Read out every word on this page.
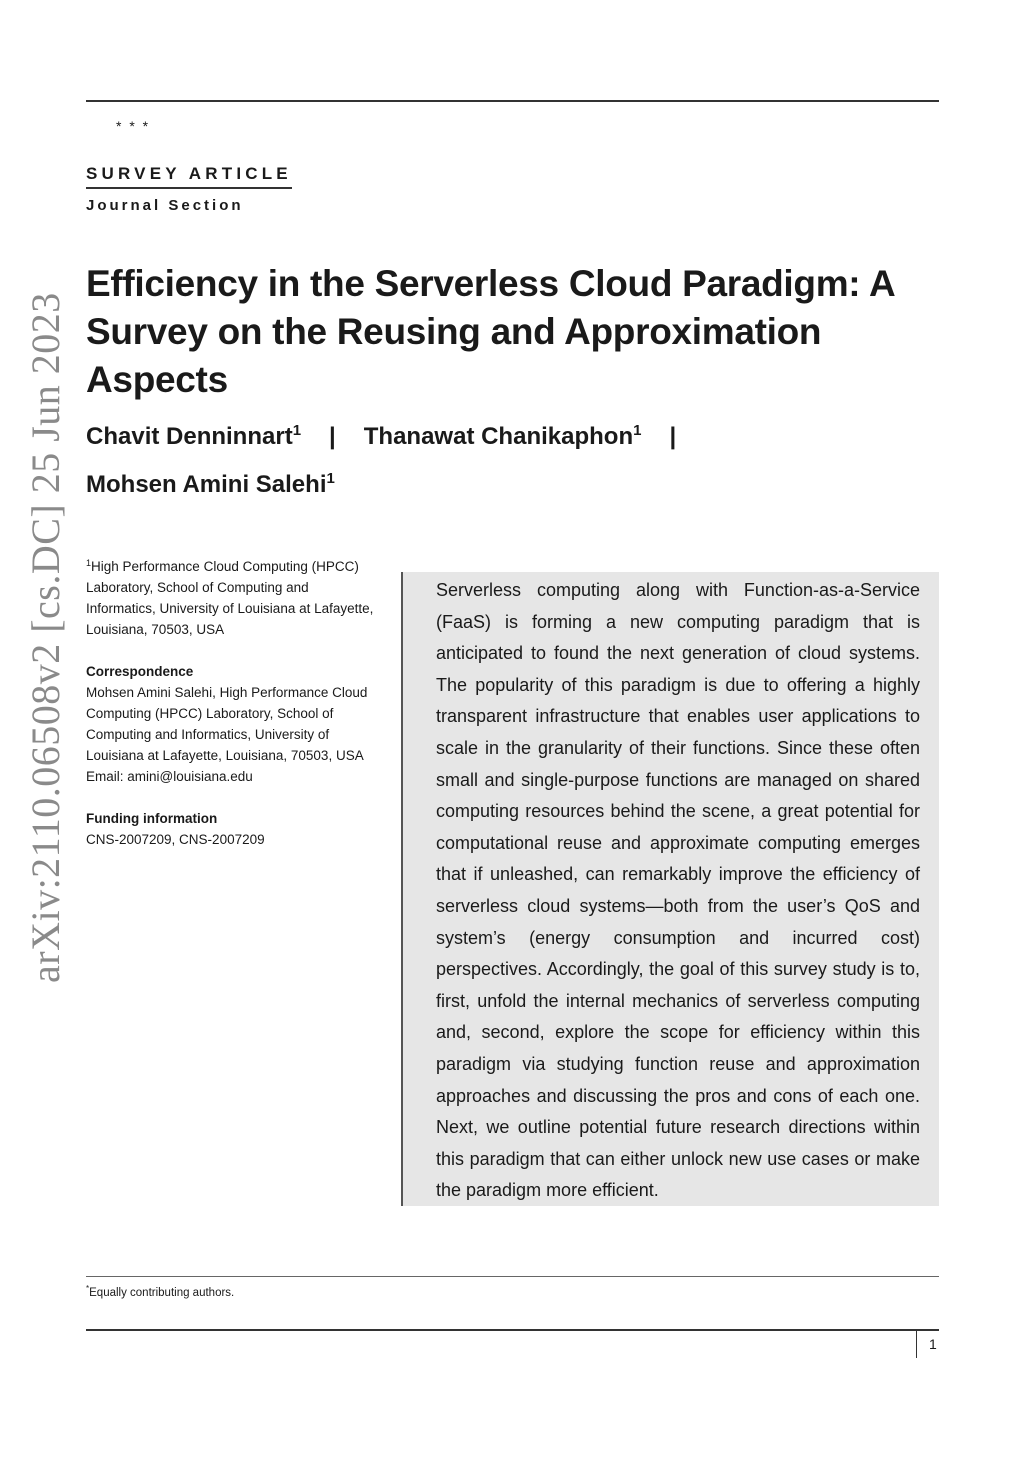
* * *
SURVEY ARTICLE
Journal Section
arXiv:2110.06508v2 [cs.DC] 25 Jun 2023
Efficiency in the Serverless Cloud Paradigm: A Survey on the Reusing and Approximation Aspects
Chavit Denninnart$^1$ | Thanawat Chanikaphon$^1$ |
Mohsen Amini Salehi$^1$

$^1$High Performance Cloud Computing (HPCC) Laboratory, School of Computing and Informatics, University of Louisiana at Lafayette, Louisiana, 70503, USA

Correspondence
Mohsen Amini Salehi, High Performance Cloud Computing (HPCC) Laboratory, School of Computing and Informatics, University of Louisiana at Lafayette, Louisiana, 70503, USA
Email: amini@louisiana.edu

Funding information
CNS-2007209, CNS-2007209

Serverless computing along with Function-as-a-Service (FaaS) is forming a new computing paradigm that is anticipated to found the next generation of cloud systems. The popularity of this paradigm is due to offering a highly transparent infrastructure that enables user applications to scale in the granularity of their functions. Since these often small and single-purpose functions are managed on shared computing resources behind the scene, a great potential for computational reuse and approximate computing emerges that if unleashed, can remarkably improve the efficiency of serverless cloud systems—both from the user’s QoS and system’s (energy consumption and incurred cost) perspectives. Accordingly, the goal of this survey study is to, first, unfold the internal mechanics of serverless computing and, second, explore the scope for efficiency within this paradigm via studying function reuse and approximation approaches and discussing the pros and cons of each one. Next, we outline potential future research directions within this paradigm that can either unlock new use cases or make the paradigm more efficient.
*Equally contributing authors.
1
